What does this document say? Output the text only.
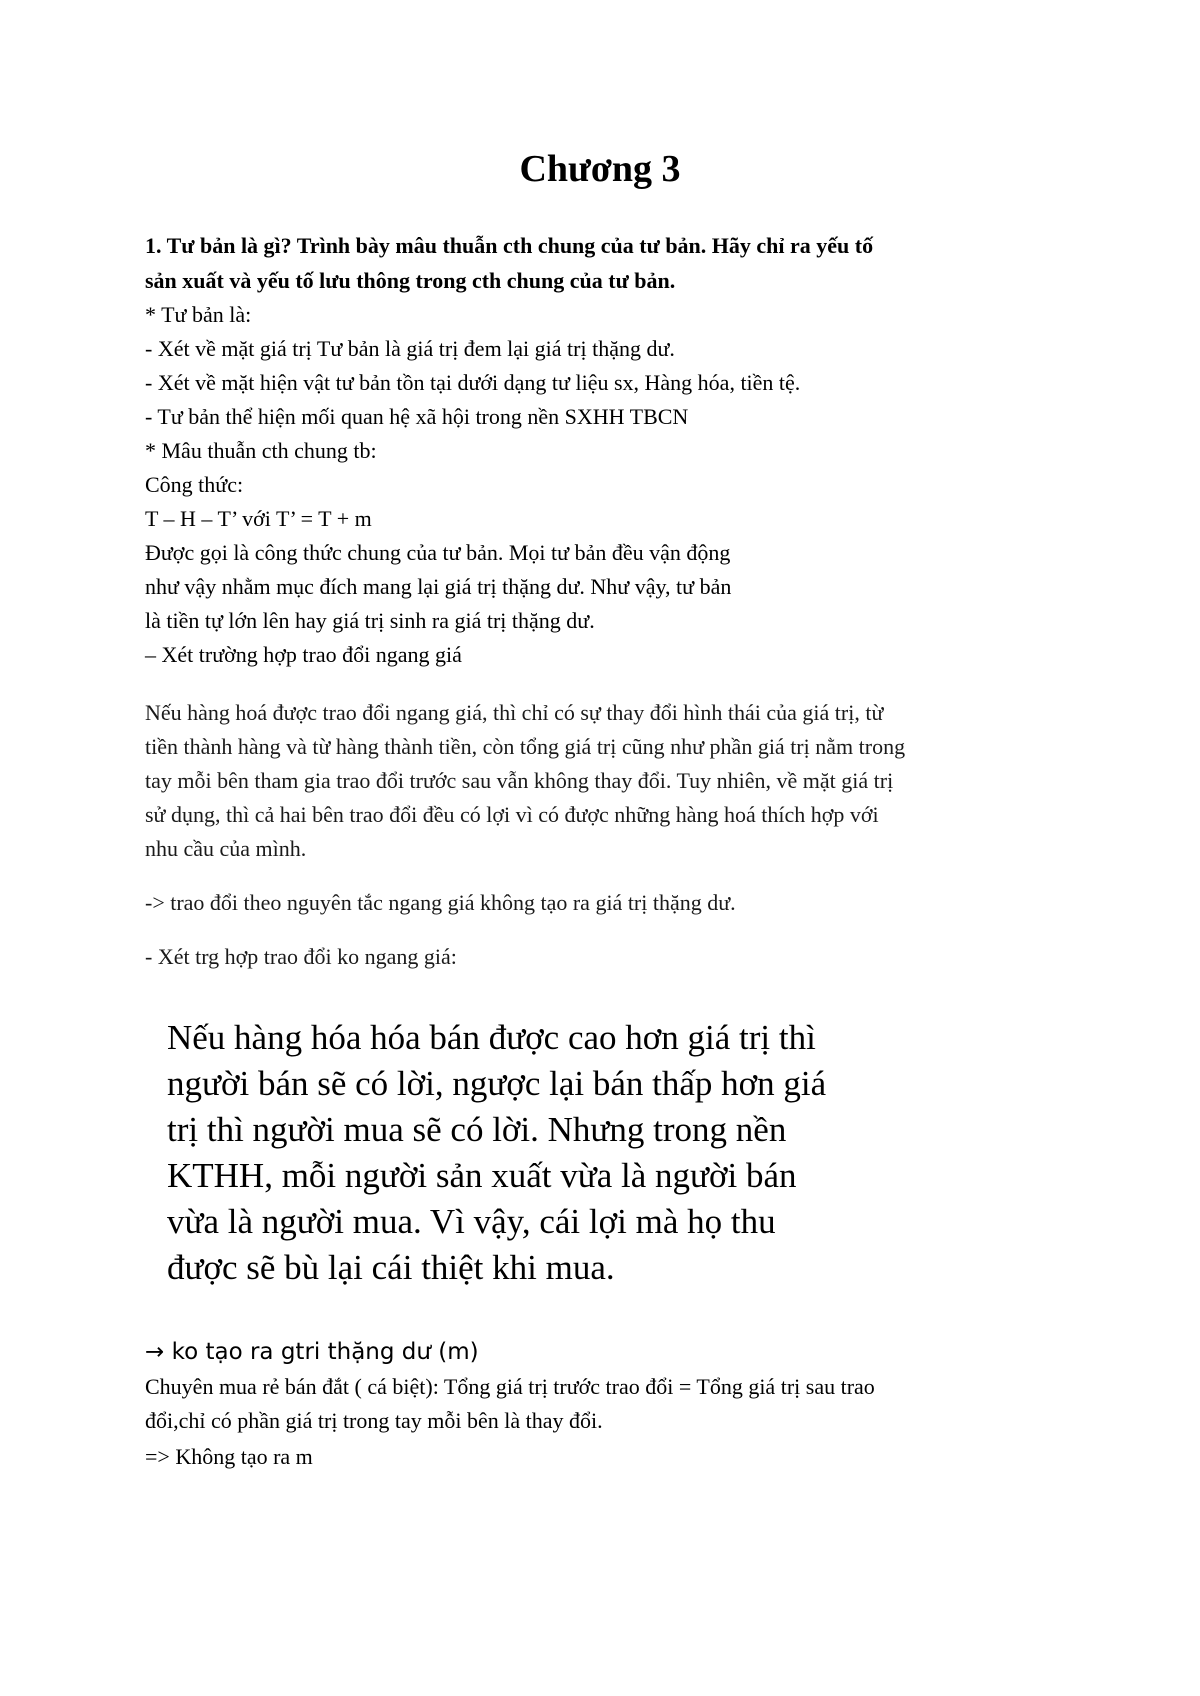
Chương 3
1. Tư bản là gì? Trình bày mâu thuẫn cth chung của tư bản. Hãy chỉ ra yếu tố
sản xuất và yếu tố lưu thông trong cth chung của tư bản.
* Tư bản là:
- Xét về mặt giá trị Tư bản là giá trị đem lại giá trị thặng dư.
- Xét về mặt hiện vật tư bản tồn tại dưới dạng tư liệu sx, Hàng hóa, tiền tệ.
- Tư bản thể hiện mối quan hệ xã hội trong nền SXHH TBCN
* Mâu thuẫn cth chung tb:
Công thức:
T – H – T’ với T’ = T + m
Được gọi là công thức chung của tư bản. Mọi tư bản đều vận động
như vậy nhằm mục đích mang lại giá trị thặng dư. Như vậy, tư bản
là tiền tự lớn lên hay giá trị sinh ra giá trị thặng dư.
– Xét trường hợp trao đổi ngang giá
Nếu hàng hoá được trao đổi ngang giá, thì chỉ có sự thay đổi hình thái của giá trị, từ
tiền thành hàng và từ hàng thành tiền, còn tổng giá trị cũng như phần giá trị nằm trong
tay mỗi bên tham gia trao đổi trước sau vẫn không thay đổi. Tuy nhiên, về mặt giá trị
sử dụng, thì cả hai bên trao đổi đều có lợi vì có được những hàng hoá thích hợp với
nhu cầu của mình.
-> trao đổi theo nguyên tắc ngang giá không tạo ra giá trị thặng dư.
- Xét trg hợp trao đổi ko ngang giá:
Nếu hàng hóa hóa bán được cao hơn giá trị thì
người bán sẽ có lời, ngược lại bán thấp hơn giá
trị thì người mua sẽ có lời. Nhưng trong nền
KTHH, mỗi người sản xuất vừa là người bán
vừa là người mua. Vì vậy, cái lợi mà họ thu
được sẽ bù lại cái thiệt khi mua.
→ ko tạo ra gtri thặng dư (m)
Chuyên mua rẻ bán đắt ( cá biệt): Tổng giá trị trước trao đổi = Tổng giá trị sau trao
đổi,chỉ có phần giá trị trong tay mỗi bên là thay đổi.
=> Không tạo ra m
